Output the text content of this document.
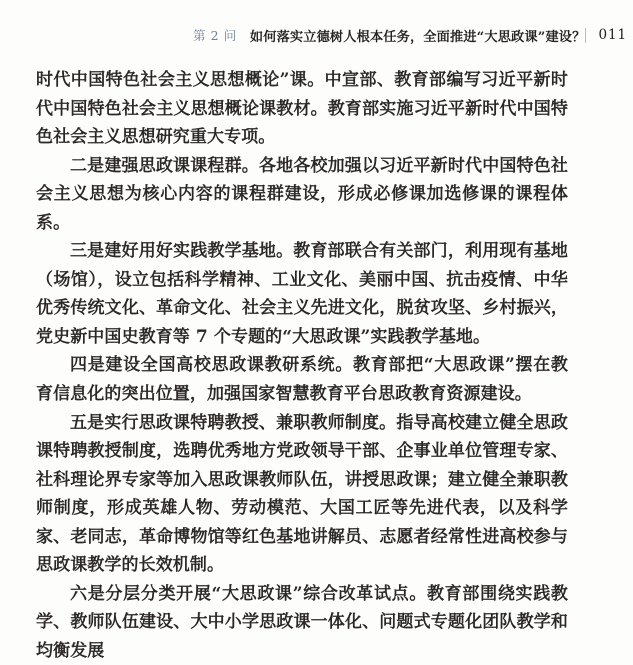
第 2 问 如何落实立德树人根本任务，全面推进“大思政课”建设？ 011

时代中国特色社会主义思想概论”课。中宣部、教育部编写习近平新时代中国特色社会主义思想概论课教材。教育部实施习近平新时代中国特色社会主义思想研究重大专项。

二是建强思政课课程群。各地各校加强以习近平新时代中国特色社会主义思想为核心内容的课程群建设，形成必修课加选修课的课程体系。

三是建好用好实践教学基地。教育部联合有关部门，利用现有基地（场馆），设立包括科学精神、工业文化、美丽中国、抗击疫情、中华优秀传统文化、革命文化、社会主义先进文化，脱贫攻坚、乡村振兴，党史新中国史教育等 7 个专题的“大思政课”实践教学基地。

四是建设全国高校思政课教研系统。教育部把“大思政课”摆在教育信息化的突出位置，加强国家智慧教育平台思政教育资源建设。

五是实行思政课特聘教授、兼职教师制度。指导高校建立健全思政课特聘教授制度，选聘优秀地方党政领导干部、企事业单位管理专家、社科理论界专家等加入思政课教师队伍，讲授思政课；建立健全兼职教师制度，形成英雄人物、劳动模范、大国工匠等先进代表，以及科学家、老同志，革命博物馆等红色基地讲解员、志愿者经常性进高校参与思政课教学的长效机制。

六是分层分类开展“大思政课”综合改革试点。教育部围绕实践教学、教师队伍建设、大中小学思政课一体化、问题式专题化团队教学和均衡发展
